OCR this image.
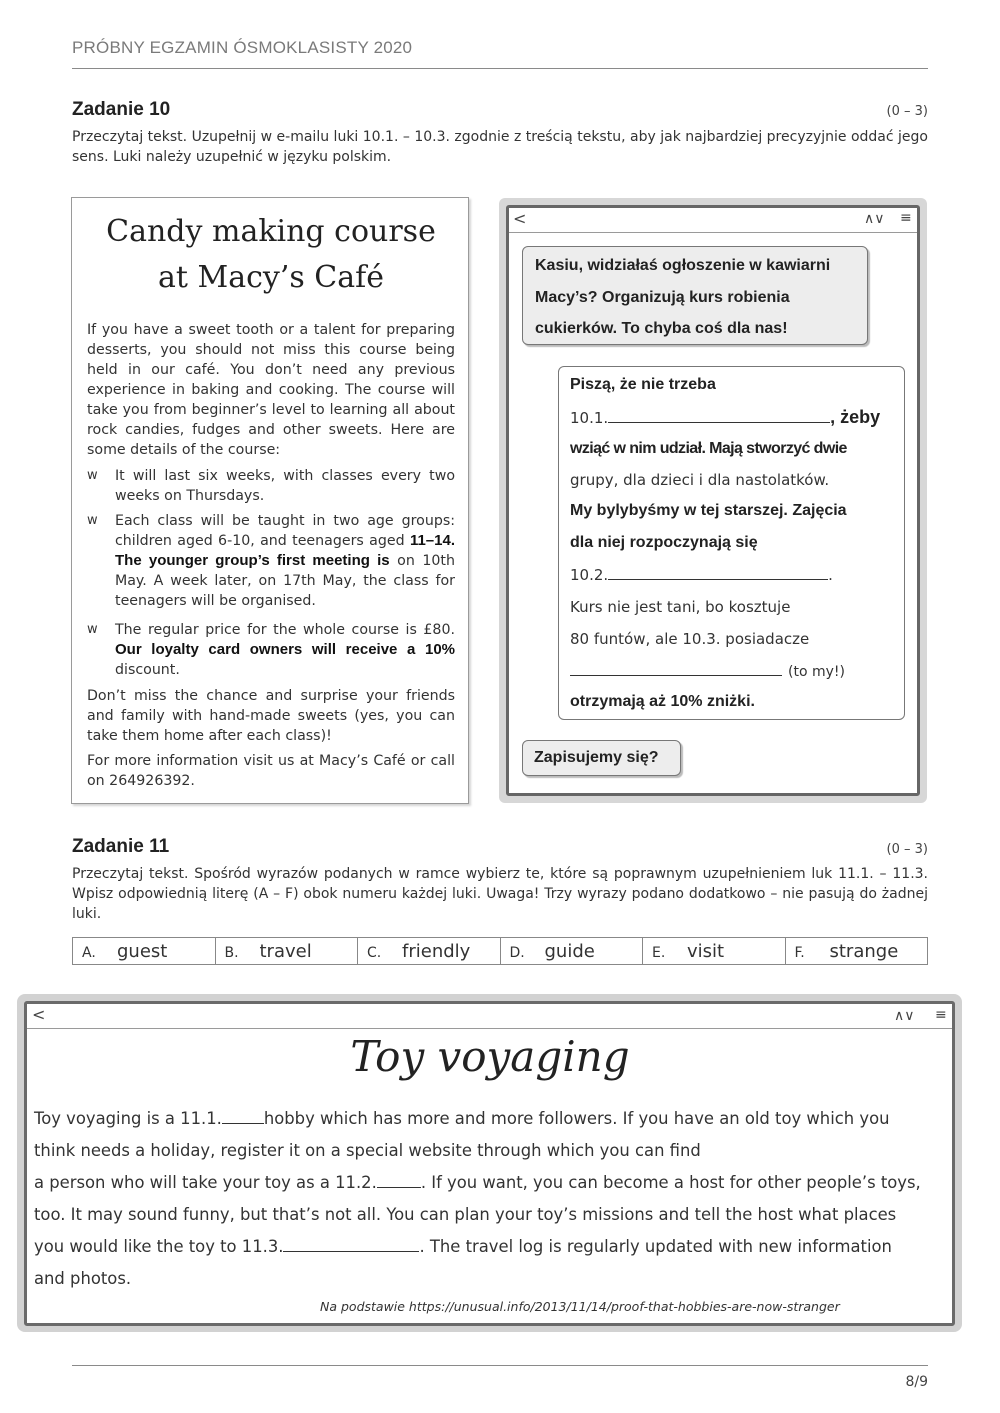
PRÓBNY EGZAMIN ÓSMOKLASISTY 2020
Zadanie 10	(0 – 3)
Przeczytaj tekst. Uzupełnij w e-mailu luki 10.1. – 10.3. zgodnie z treścią tekstu, aby jak najbardziej precyzyjnie oddać jego sens. Luki należy uzupełnić w języku polskim.
Candy making course
at Macy’s Café
If you have a sweet tooth or a talent for preparing desserts, you should not miss this course being held in our café. You don’t need any previous experience in baking and cooking. The course will take you from beginner’s level to learning all about rock candies, fudges and other sweets. Here are some details of the course:
w It will last six weeks, with classes every two weeks on Thursdays.
w Each class will be taught in two age groups: children aged 6-10, and teenagers aged 11–14. The younger group’s first meeting is on 10th May. A week later, on 17th May, the class for teenagers will be organised.
w The regular price for the whole course is £80. Our loyalty card owners will receive a 10% discount.
Don’t miss the chance and surprise your friends and family with hand-made sweets (yes, you can take them home after each class)!
For more information visit us at Macy’s Café or call on 264926392.
<	∧∨ ≡

Kasiu, widziałaś ogłoszenie w kawiarni

Macy’s? Organizują kurs robienia

cukierków. To chyba coś dla nas!

Piszą, że nie trzeba
10.1.	, żeby
wziąć w nim udział. Mają stworzyć dwie
grupy, dla dzieci i dla nastolatków.
My bylybyśmy w tej starszej. Zajęcia
dla niej rozpoczynają się
10.2.	.
Kurs nie jest tani, bo kosztuje
80 funtów, ale 10.3. posiadacze
(to my!)
otrzymają aż 10% zniżki.
Zapisujemy się?
Zadanie 11	(0 – 3)
Przeczytaj tekst. Spośród wyrazów podanych w ramce wybierz te, które są poprawnym uzupełnieniem luk 11.1. – 11.3. Wpisz odpowiednią literę (A – F) obok numeru każdej luki. Uwaga! Trzy wyrazy podano dodatkowo – nie pasują do żadnej luki.
A. guest	B. travel	C. friendly	D. guide	E. visit	F. strange
<	∧∨ ≡
Toy voyaging
Toy voyaging is a 11.1.	hobby which has more and more followers. If you have an old toy which you
think needs a holiday, register it on a special website through which you can find
a person who will take your toy as a 11.2.	. If you want, you can become a host for other people’s toys,
too. It may sound funny, but that’s not all. You can plan your toy’s missions and tell the host what places
you would like the toy to 11.3.	. The travel log is regularly updated with new information
and photos.
Na podstawie https://unusual.info/2013/11/14/proof-that-hobbies-are-now-stranger
8/9
